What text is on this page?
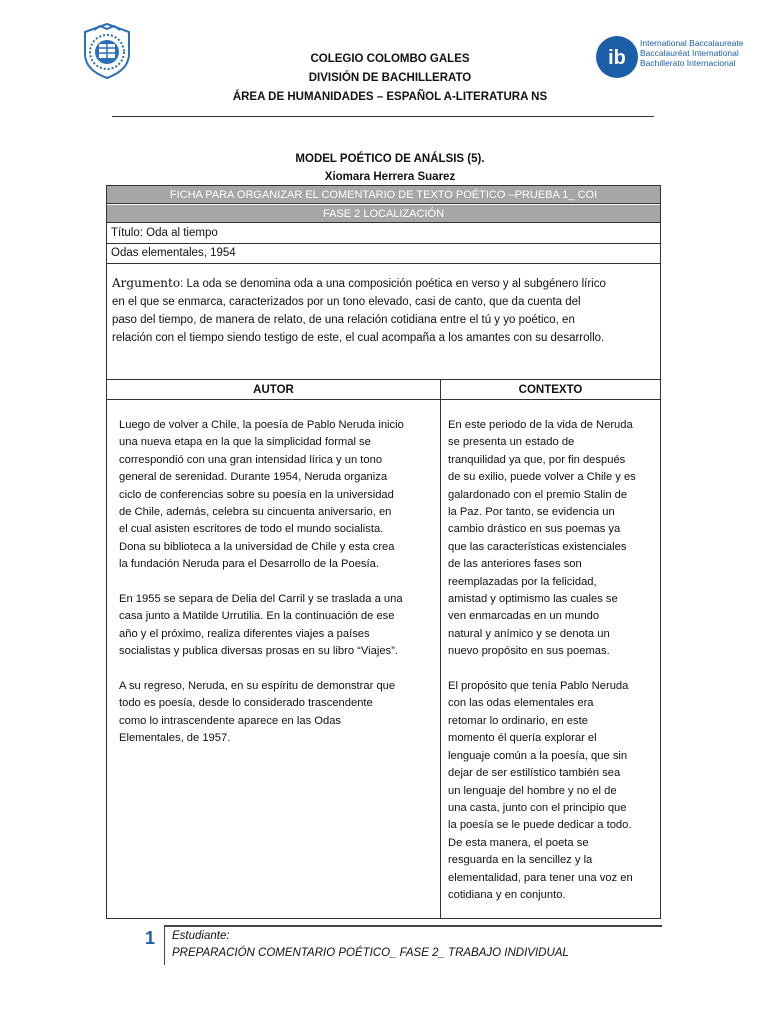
ib
International Baccalaureate
Baccalauréat International
Bachillerato Internacional
COLEGIO COLOMBO GALES
DIVISIÓN DE BACHILLERATO
ÁREA DE HUMANIDADES – ESPAÑOL A-LITERATURA NS
MODEL POÉTICO DE ANÁLSIS (5).
Xiomara Herrera Suarez
FICHA PARA ORGANIZAR EL COMENTARIO DE TEXTO POÉTICO –PRUEBA 1_ COI
FASE 2 LOCALIZACIÓN
Título: Oda al tiempo
Odas elementales, 1954
Argumento: La oda se denomina oda a una composición poética en verso y al subgénero lírico
en el que se enmarca, caracterizados por un tono elevado, casi de canto, que da cuenta del
paso del tiempo, de manera de relato, de una relación cotidiana entre el tú y yo poético, en
relación con el tiempo siendo testigo de este, el cual acompaña a los amantes con su desarrollo.
AUTOR	CONTEXTO

Luego de volver a Chile, la poesía de Pablo Neruda inicio
una nueva etapa en la que la simplicidad formal se
correspondió con una gran intensidad lírica y un tono
general de serenidad. Durante 1954, Neruda organiza
ciclo de conferencias sobre su poesía en la universidad
de Chile, además, celebra su cincuenta aniversario, en
el cual asisten escritores de todo el mundo socialista.
Dona su biblioteca a la universidad de Chile y esta crea
la fundación Neruda para el Desarrollo de la Poesía.

En 1955 se separa de Delia del Carril y se traslada a una
casa junto a Matilde Urrutilia. En la continuación de ese
año y el próximo, realiza diferentes viajes a países
socialistas y publica diversas prosas en su libro “Viajes”.

A su regreso, Neruda, en su espíritu de demonstrar que
todo es poesía, desde lo considerado trascendente
como lo intrascendente aparece en las Odas
Elementales, de 1957.

En este periodo de la vida de Neruda
se presenta un estado de
tranquilidad ya que, por fin después
de su exilio, puede volver a Chile y es
galardonado con el premio Stalin de
la Paz. Por tanto, se evidencia un
cambio drástico en sus poemas ya
que las características existenciales
de las anteriores fases son
reemplazadas por la felicidad,
amistad y optimismo las cuales se
ven enmarcadas en un mundo
natural y anímico y se denota un
nuevo propósito en sus poemas.

El propósito que tenía Pablo Neruda
con las odas elementales era
retomar lo ordinario, en este
momento él quería explorar el
lenguaje común a la poesía, que sin
dejar de ser estilístico también sea
un lenguaje del hombre y no el de
una casta, junto con el principio que
la poesía se le puede dedicar a todo.
De esta manera, el poeta se
resguarda en la sencillez y la
elementalidad, para tener una voz en
cotidiana y en conjunto.

1 Estudiante:
PREPARACIÓN COMENTARIO POÉTICO_ FASE 2_ TRABAJO INDIVIDUAL
